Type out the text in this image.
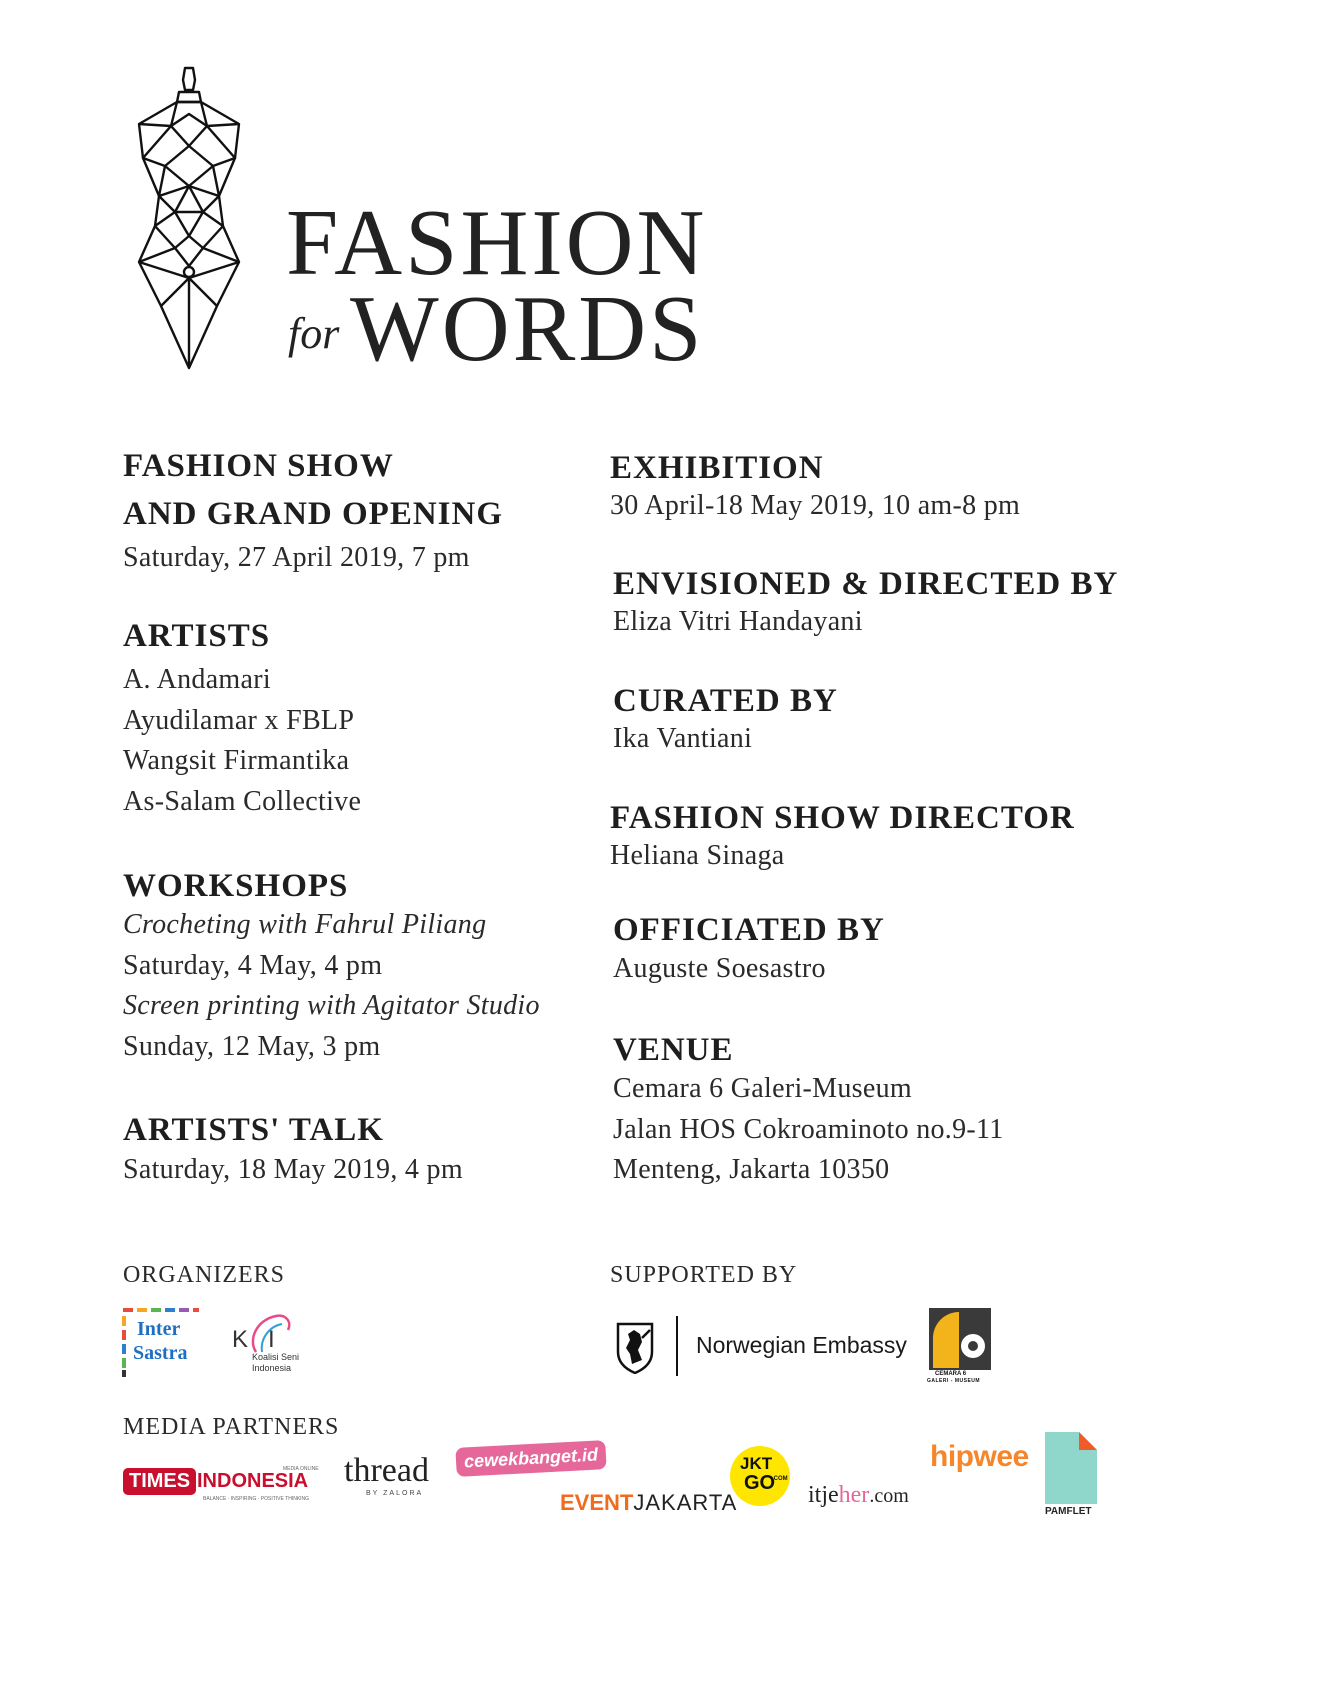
FASHION
for WORDS
FASHION SHOW
AND GRAND OPENING
Saturday, 27 April 2019, 7 pm
ARTISTS
A. Andamari
Ayudilamar x FBLP
Wangsit Firmantika
As-Salam Collective
WORKSHOPS
Crocheting with Fahrul Piliang
Saturday, 4 May, 4 pm
Screen printing with Agitator Studio
Sunday, 12 May, 3 pm
ARTISTS' TALK
Saturday, 18 May 2019, 4 pm
EXHIBITION
30 April-18 May 2019, 10 am-8 pm
ENVISIONED & DIRECTED BY
Eliza Vitri Handayani
CURATED BY
Ika Vantiani
FASHION SHOW DIRECTOR
Heliana Sinaga
OFFICIATED BY
Auguste Soesastro
VENUE
Cemara 6 Galeri-Museum
Jalan HOS Cokroaminoto no.9-11
Menteng, Jakarta 10350
ORGANIZERS	SUPPORTED BY
MEDIA PARTNERS
Inter
Sastra K   I
Koalisi Seni
Indonesia
Norwegian Embassy
CEMARA 6
GALERI - MUSEUM
TIMES INDONESIA
MEDIA ONLINE
BALANCE · INSPIRING · POSITIVE THINKING
thread
BY ZALORA
cewekbanget.id
EVENTJAKARTA
JKT
GO
.COM
itjeher.com
hipwee
PAMFLET
